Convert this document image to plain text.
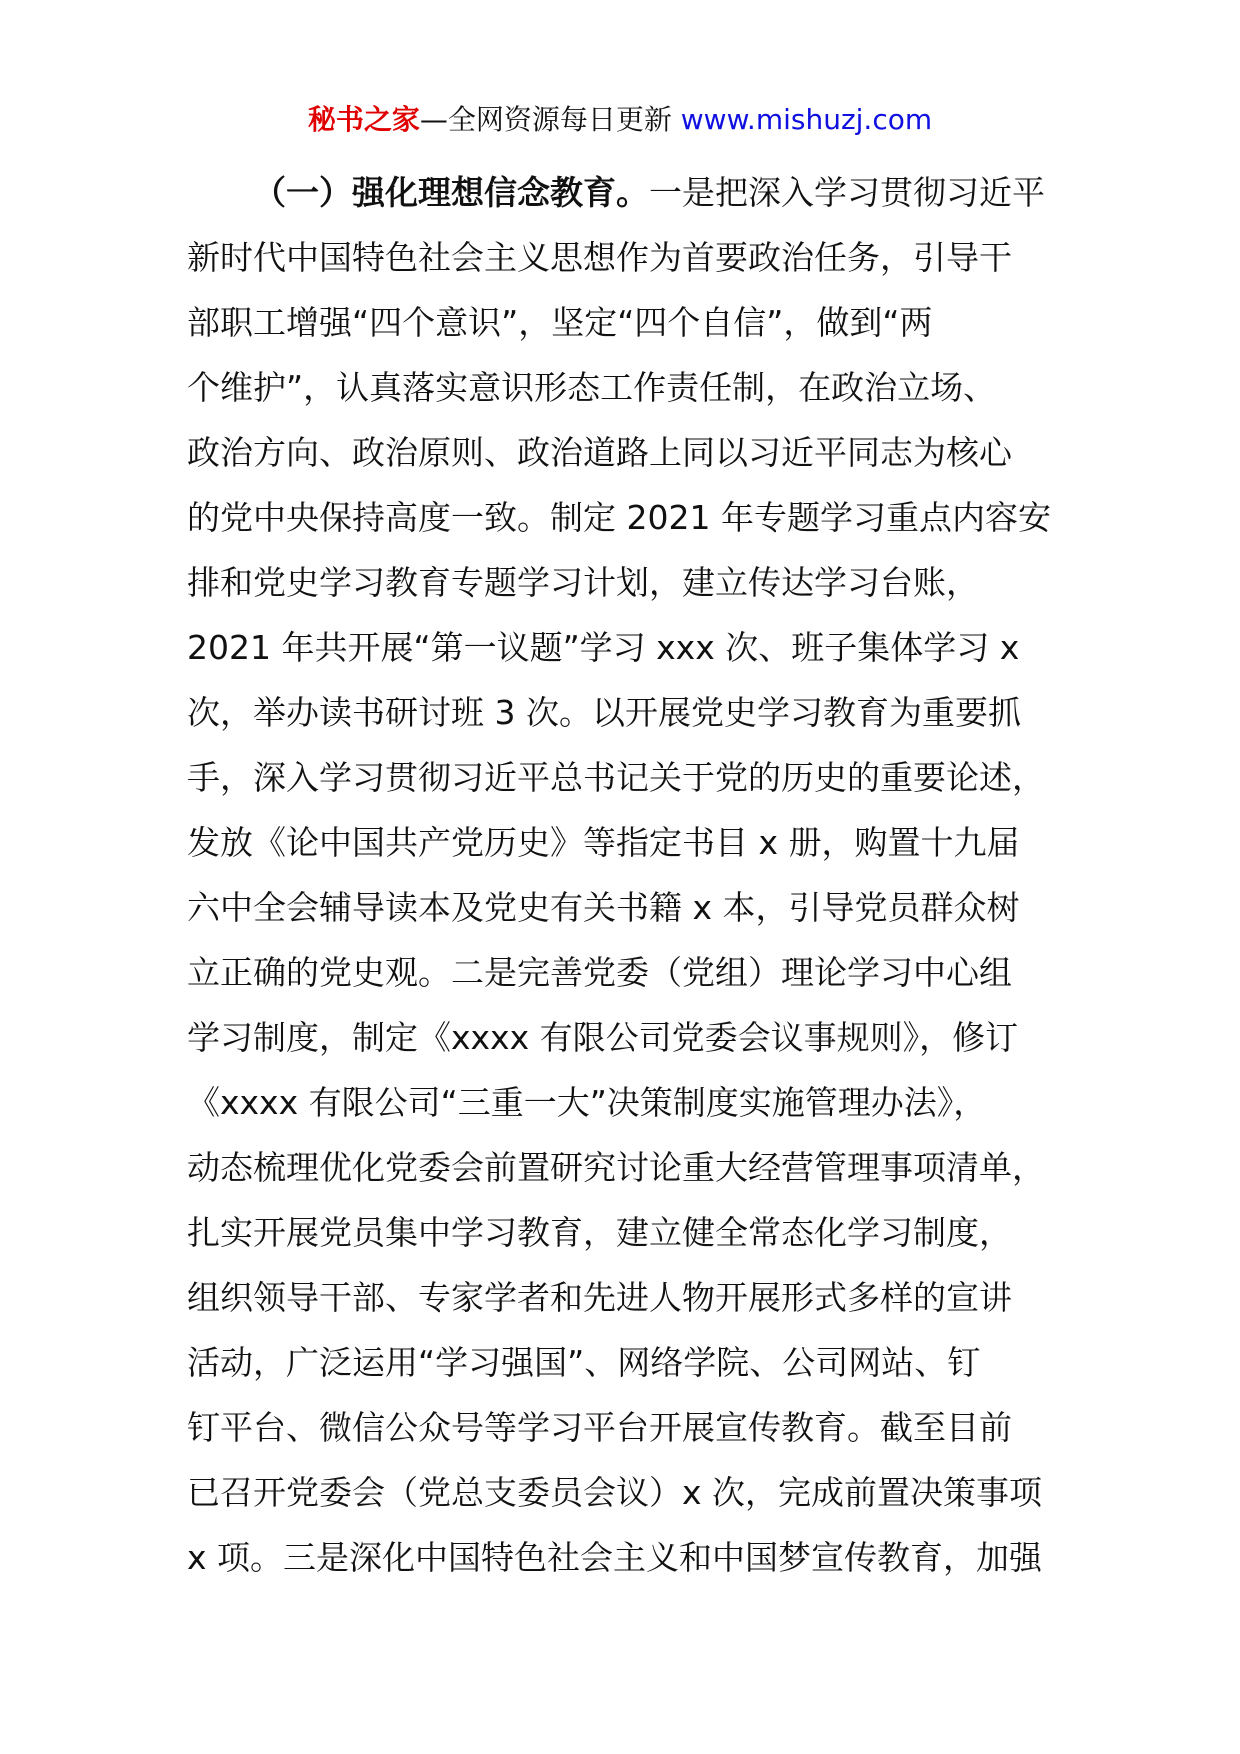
秘书之家—全网资源每日更新 www.mishuzj.com
（一）强化理想信念教育。一是把深入学习贯彻习近平
新时代中国特色社会主义思想作为首要政治任务，引导干
部职工增强“四个意识”，坚定“四个自信”，做到“两
个维护”，认真落实意识形态工作责任制，在政治立场、
政治方向、政治原则、政治道路上同以习近平同志为核心
的党中央保持高度一致。制定 2021 年专题学习重点内容安
排和党史学习教育专题学习计划，建立传达学习台账，
2021 年共开展“第一议题”学习 xxx 次、班子集体学习 x
次，举办读书研讨班 3 次。以开展党史学习教育为重要抓
手，深入学习贯彻习近平总书记关于党的历史的重要论述，
发放《论中国共产党历史》等指定书目 x 册，购置十九届
六中全会辅导读本及党史有关书籍 x 本，引导党员群众树
立正确的党史观。二是完善党委（党组）理论学习中心组
学习制度，制定《xxxx 有限公司党委会议事规则》，修订
《xxxx 有限公司“三重一大”决策制度实施管理办法》，
动态梳理优化党委会前置研究讨论重大经营管理事项清单，
扎实开展党员集中学习教育，建立健全常态化学习制度，
组织领导干部、专家学者和先进人物开展形式多样的宣讲
活动，广泛运用“学习强国”、网络学院、公司网站、钉
钉平台、微信公众号等学习平台开展宣传教育。截至目前
已召开党委会（党总支委员会议）x 次，完成前置决策事项
x 项。三是深化中国特色社会主义和中国梦宣传教育，加强
